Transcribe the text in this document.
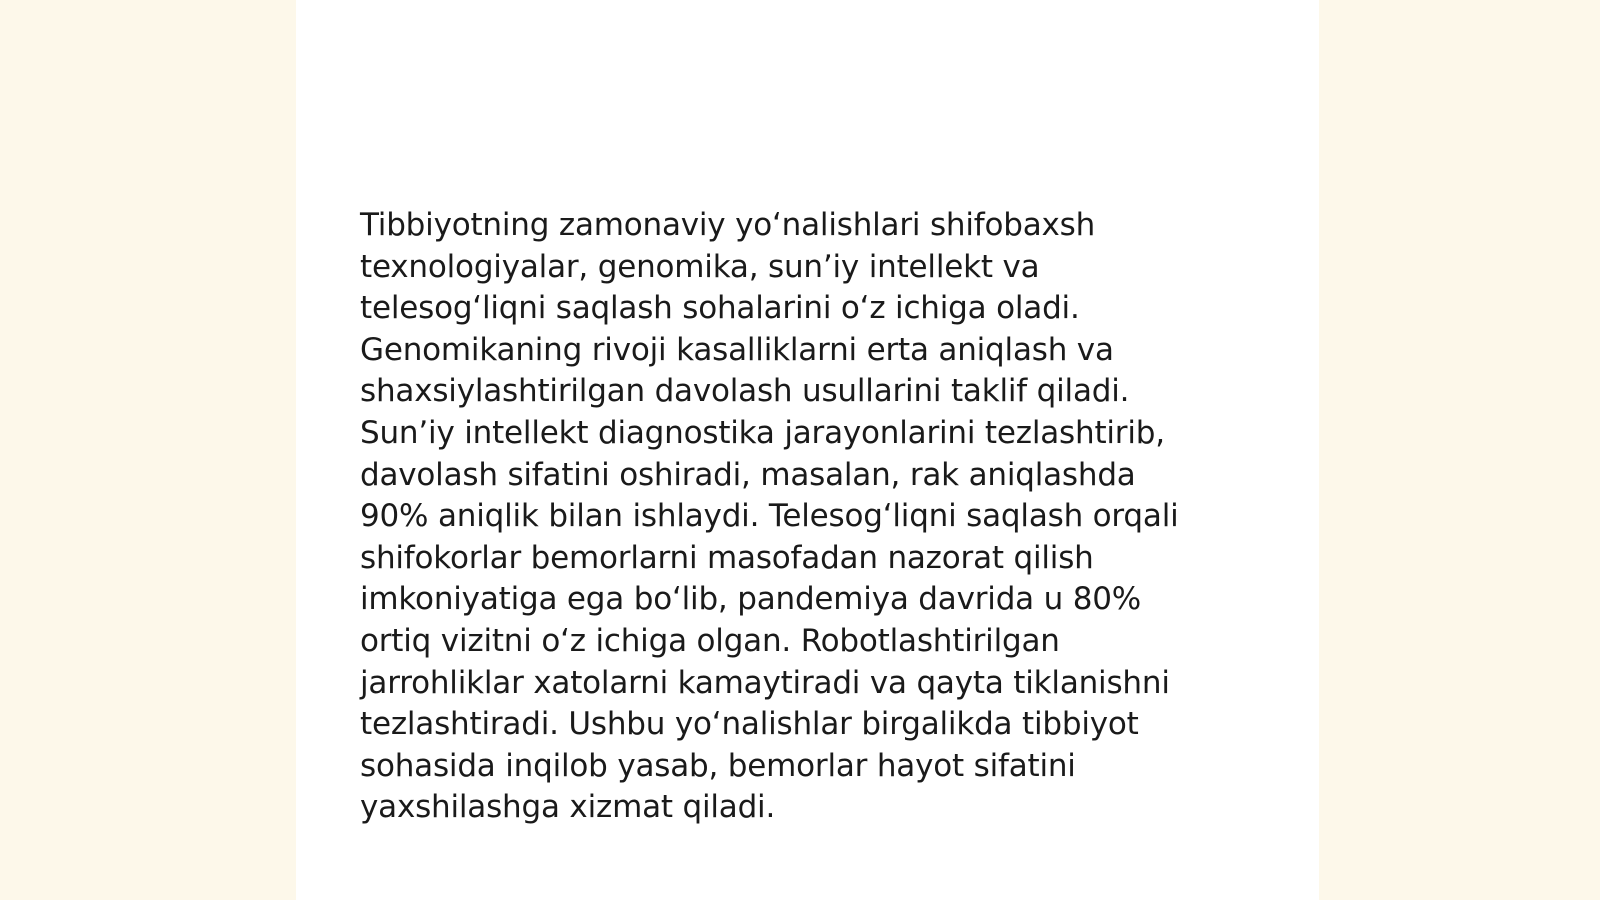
Tibbiyotning zamonaviy yoʻnalishlari shifobaxsh
texnologiyalar, genomika, sun’iy intellekt va
telesogʻliqni saqlash sohalarini oʻz ichiga oladi.
Genomikaning rivoji kasalliklarni erta aniqlash va
shaxsiylashtirilgan davolash usullarini taklif qiladi.
Sun’iy intellekt diagnostika jarayonlarini tezlashtirib,
davolash sifatini oshiradi, masalan, rak aniqlashda
90% aniqlik bilan ishlaydi. Telesogʻliqni saqlash orqali
shifokorlar bemorlarni masofadan nazorat qilish
imkoniyatiga ega boʻlib, pandemiya davrida u 80%
ortiq vizitni oʻz ichiga olgan. Robotlashtirilgan
jarrohliklar xatolarni kamaytiradi va qayta tiklanishni
tezlashtiradi. Ushbu yoʻnalishlar birgalikda tibbiyot
sohasida inqilob yasab, bemorlar hayot sifatini
yaxshilashga xizmat qiladi.
